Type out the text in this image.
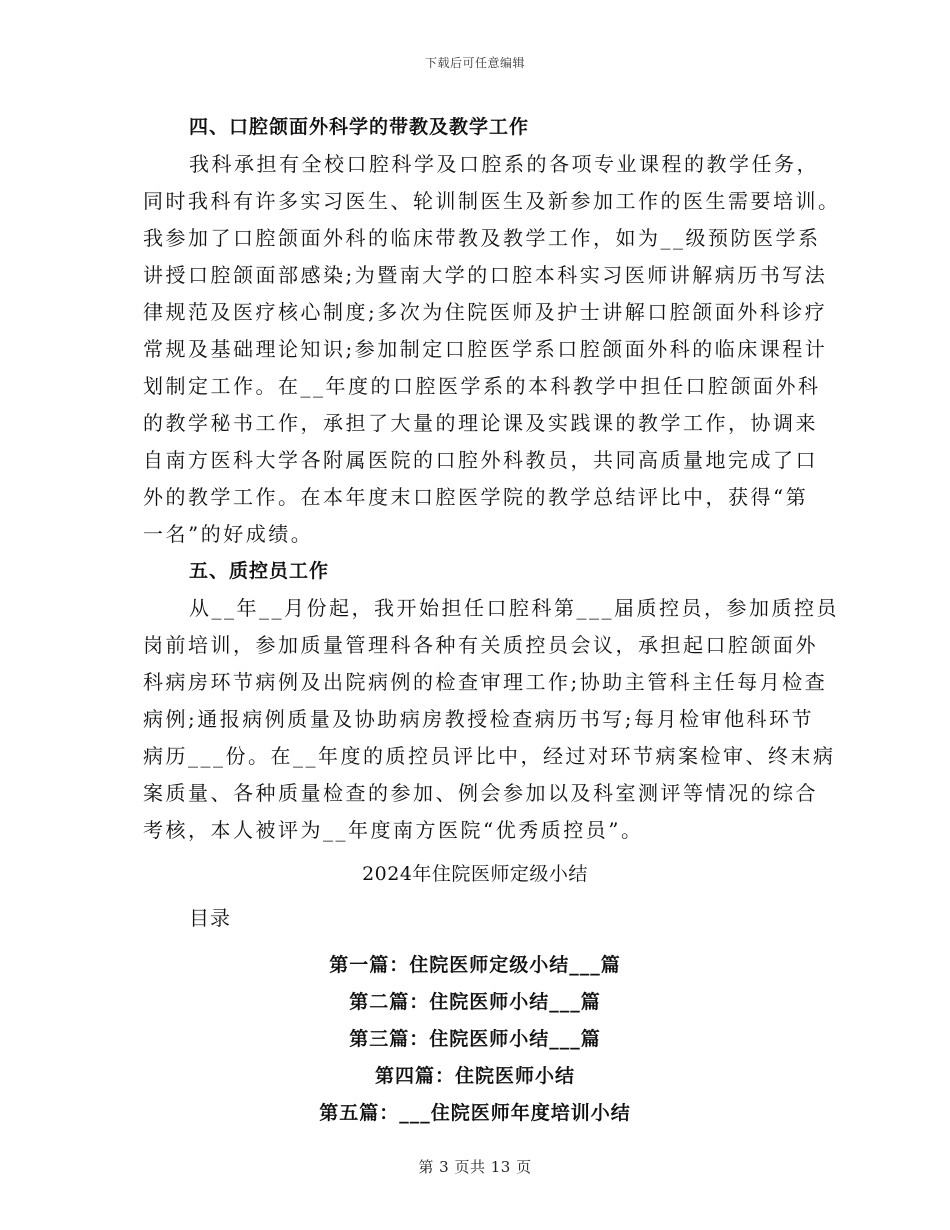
下载后可任意编辑
四、口腔颌面外科学的带教及教学工作
我科承担有全校口腔科学及口腔系的各项专业课程的教学任务，
同时我科有许多实习医生、轮训制医生及新参加工作的医生需要培训。
我参加了口腔颌面外科的临床带教及教学工作，如为__级预防医学系
讲授口腔颌面部感染;为暨南大学的口腔本科实习医师讲解病历书写法
律规范及医疗核心制度;多次为住院医师及护士讲解口腔颌面外科诊疗
常规及基础理论知识;参加制定口腔医学系口腔颌面外科的临床课程计
划制定工作。在__年度的口腔医学系的本科教学中担任口腔颌面外科
的教学秘书工作，承担了大量的理论课及实践课的教学工作，协调来
自南方医科大学各附属医院的口腔外科教员，共同高质量地完成了口
外的教学工作。在本年度末口腔医学院的教学总结评比中，获得“第
一名”的好成绩。
五、质控员工作
从__年__月份起，我开始担任口腔科第___届质控员，参加质控员
岗前培训，参加质量管理科各种有关质控员会议，承担起口腔颌面外
科病房环节病例及出院病例的检查审理工作;协助主管科主任每月检查
病例;通报病例质量及协助病房教授检查病历书写;每月检审他科环节
病历___份。在__年度的质控员评比中，经过对环节病案检审、终末病
案质量、各种质量检查的参加、例会参加以及科室测评等情况的综合
考核，本人被评为__年度南方医院“优秀质控员”。
2024年住院医师定级小结
目录
第一篇：住院医师定级小结___篇
第二篇：住院医师小结___篇
第三篇：住院医师小结___篇
第四篇：住院医师小结
第五篇：___住院医师年度培训小结
第 3 页共 13 页
